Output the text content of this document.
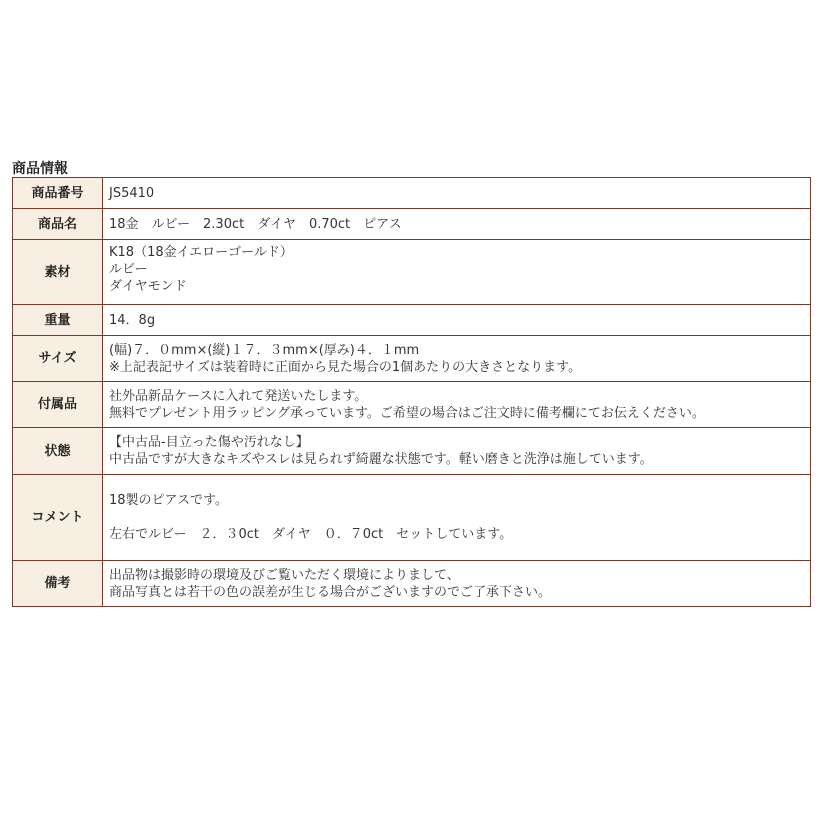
商品情報
商品番号	JS5410

商品名	18金　ルビー　2.30ct　ダイヤ　0.70ct　ピアス

素材	K18（18金イエローゴールド）
ルビー
ダイヤモンド

重量	14．8g

サイズ	(幅)７．０mm×(縦)１７．３mm×(厚み)４．１mm
※上記表記サイズは装着時に正面から見た場合の1個あたりの大きさとなります。

付属品	社外品新品ケースに入れて発送いたします。
無料でプレゼント用ラッピング承っています。ご希望の場合はご注文時に備考欄にてお伝えください。

状態	【中古品-目立った傷や汚れなし】
中古品ですが大きなキズやスレは見られず綺麗な状態です。軽い磨きと洗浄は施しています。

コメント	18製のピアスです。
左右でルビー　２．３0ct　ダイヤ　０．７0ct　セットしています。

備考	出品物は撮影時の環境及びご覧いただく環境によりまして、
商品写真とは若干の色の誤差が生じる場合がございますのでご了承下さい。
